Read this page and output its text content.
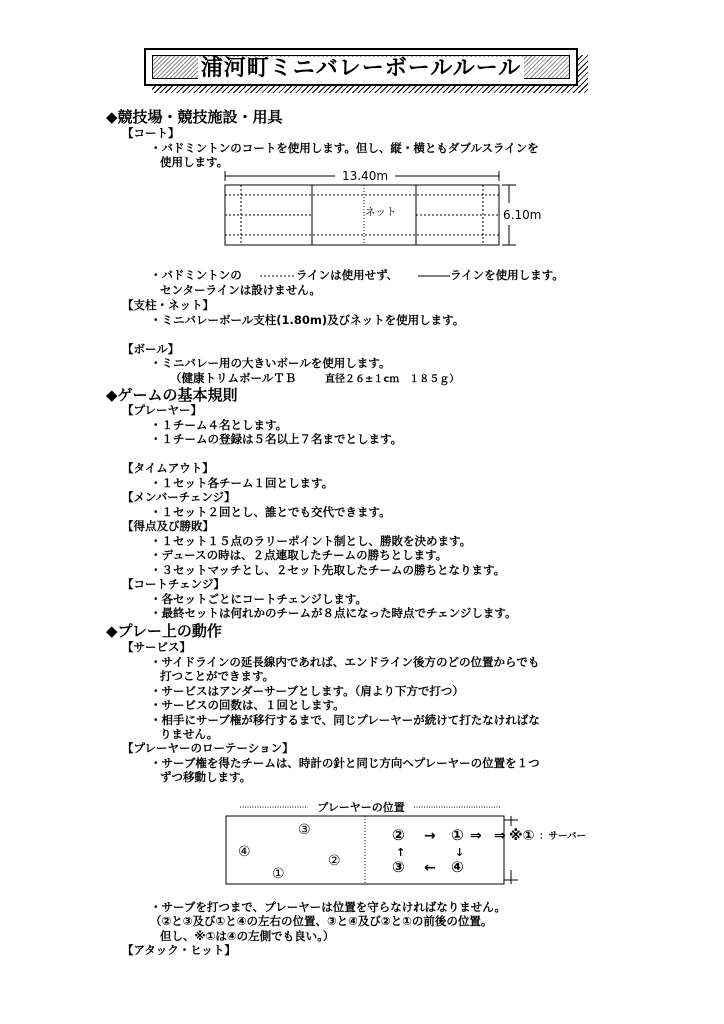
浦河町ミニバレーボールルール
◆競技場・競技施設・用具
【コート】
・バドミントンのコートを使用します。但し、縦・横ともダブルスラインを
使用します。
13.40m
ネット	6.10m
・バドミントンの	ラインは使用せず、	ラインを使用します。
センターラインは設けません。
【支柱・ネット】
・ミニバレーボール支柱(1.80m)及びネットを使用します。
【ボール】
・ミニバレー用の大きいボールを使用します。
（健康トリムボールＴＢ	直径２６±１cｍ　１８５ｇ）
◆ゲームの基本規則
【プレーヤー】
・１チーム４名とします。
・１チームの登録は５名以上７名までとします。
【タイムアウト】
・１セット各チーム１回とします。
【メンバーチェンジ】
・１セット２回とし、誰とでも交代できます。
【得点及び勝敗】
・１セット１５点のラリーポイント制とし、勝敗を決めます。
・デュースの時は、２点連取したチームの勝ちとします。
・３セットマッチとし、２セット先取したチームの勝ちとなります。
【コートチェンジ】
・各セットごとにコートチェンジします。
・最終セットは何れかのチームが８点になった時点でチェンジします。
◆プレー上の動作
【サービス】
・サイドラインの延長線内であれば、エンドライン後方のどの位置からでも
打つことができます。
・サービスはアンダーサーブとします。（肩より下方で打つ）
・サービスの回数は、１回とします。
・相手にサーブ権が移行するまで、同じプレーヤーが続けて打たなければな
りません。
【プレーヤーのローテーション】
・サーブ権を得たチームは、時計の針と同じ方向へプレーヤーの位置を１つ
ずつ移動します。
プレーヤーの位置
③
④
②
①
② → ① ⇒ ⇒ ※① ：サーバー
↑	↓
③ ← ④
・サーブを打つまで、プレーヤーは位置を守らなければなりません。
（②と③及び①と④の左右の位置、③と④及び②と①の前後の位置。
但し、※①は④の左側でも良い。）
【アタック・ヒット】
